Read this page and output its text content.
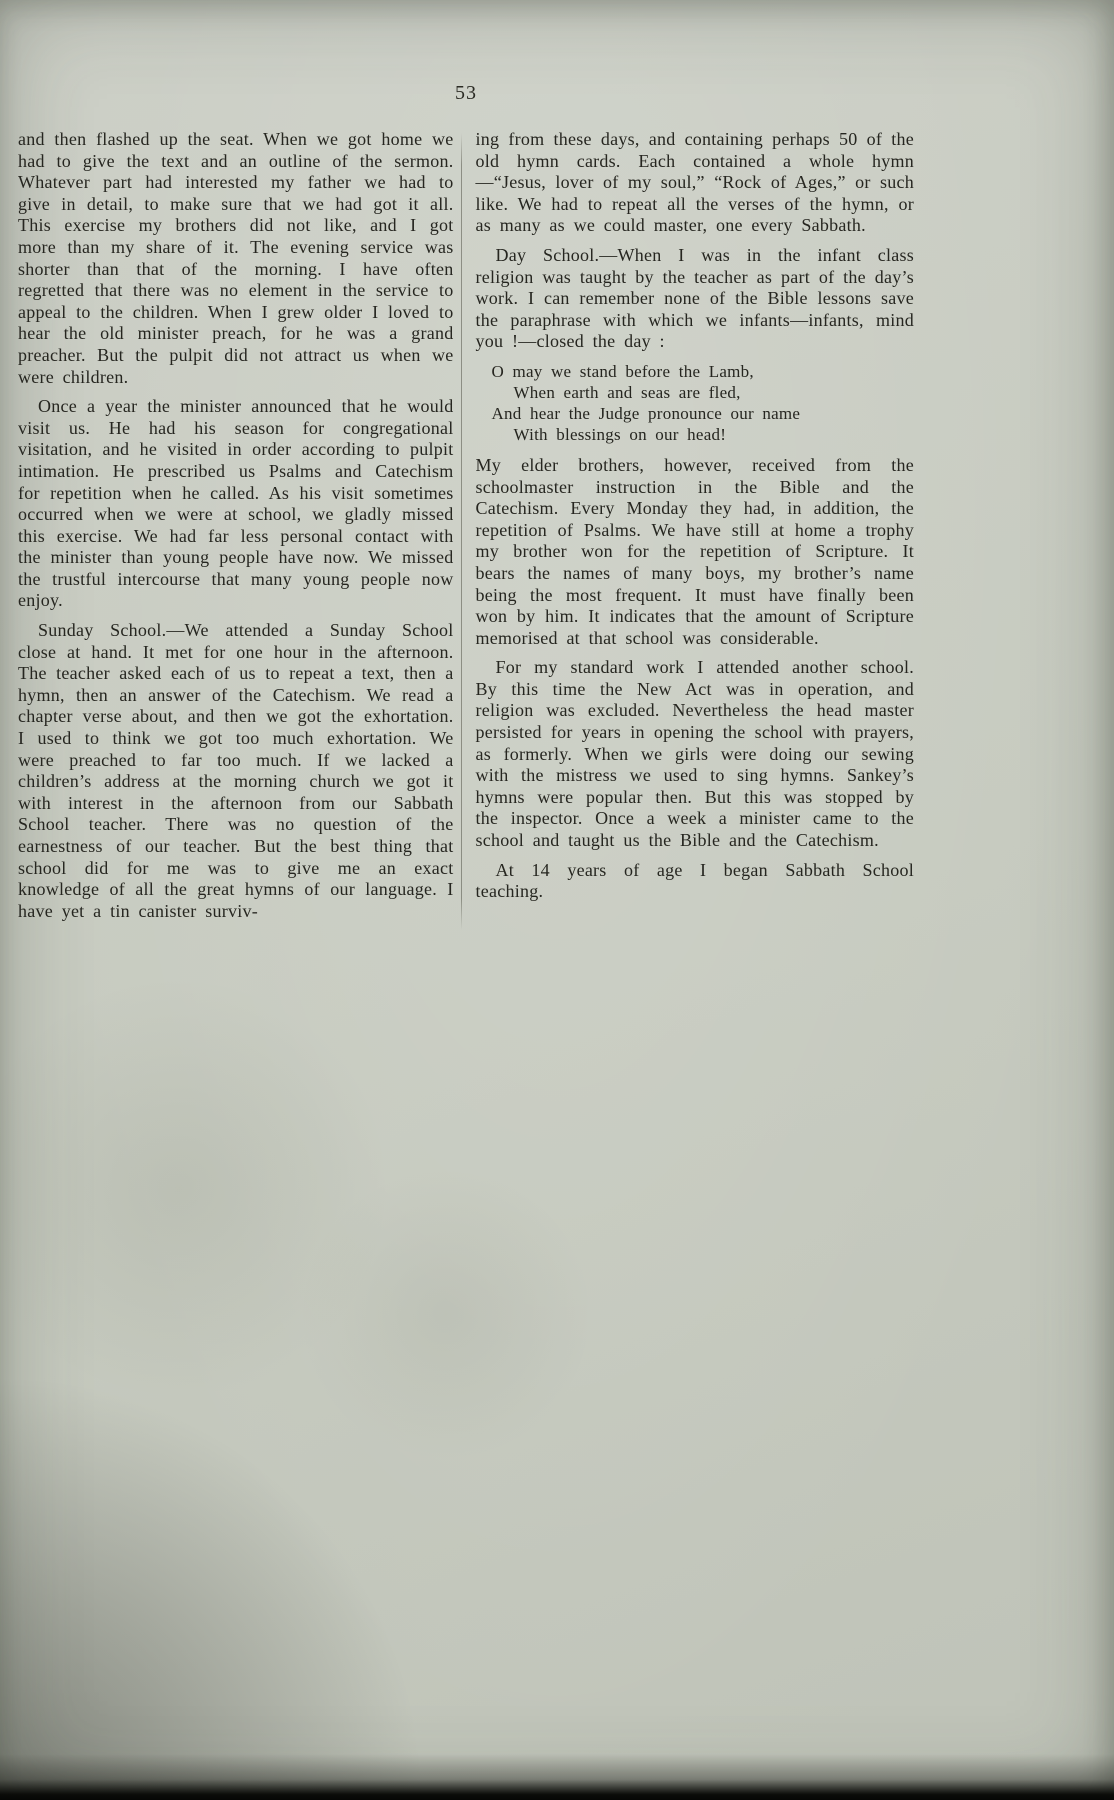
53

and then flashed up the seat. When we got home we had to give the text and an outline of the sermon. Whatever part had interested my father we had to give in detail, to make sure that we had got it all. This exercise my brothers did not like, and I got more than my share of it. The evening service was shorter than that of the morning. I have often regretted that there was no element in the service to appeal to the children. When I grew older I loved to hear the old minister preach, for he was a grand preacher. But the pulpit did not attract us when we were children.

Once a year the minister announced that he would visit us. He had his season for congregational visitation, and he visited in order according to pulpit intimation. He prescribed us Psalms and Catechism for repetition when he called. As his visit sometimes occurred when we were at school, we gladly missed this exercise. We had far less personal contact with the minister than young people have now. We missed the trustful intercourse that many young people now enjoy.

Sunday School.—We attended a Sunday School close at hand. It met for one hour in the afternoon. The teacher asked each of us to repeat a text, then a hymn, then an answer of the Catechism. We read a chapter verse about, and then we got the exhortation. I used to think we got too much exhortation. We were preached to far too much. If we lacked a children’s address at the morning church we got it with interest in the afternoon from our Sabbath School teacher. There was no question of the earnestness of our teacher. But the best thing that school did for me was to give me an exact knowledge of all the great hymns of our language. I have yet a tin canister surviv-

ing from these days, and containing perhaps 50 of the old hymn cards. Each contained a whole hymn—“Jesus, lover of my soul,” “Rock of Ages,” or such like. We had to repeat all the verses of the hymn, or as many as we could master, one every Sabbath.

Day School.—When I was in the infant class religion was taught by the teacher as part of the day’s work. I can remember none of the Bible lessons save the paraphrase with which we infants—infants, mind you !—closed the day :

O may we stand before the Lamb,
When earth and seas are fled,
And hear the Judge pronounce our name
With blessings on our head!

My elder brothers, however, received from the schoolmaster instruction in the Bible and the Catechism. Every Monday they had, in addition, the repetition of Psalms. We have still at home a trophy my brother won for the repetition of Scripture. It bears the names of many boys, my brother’s name being the most frequent. It must have finally been won by him. It indicates that the amount of Scripture memorised at that school was considerable.

For my standard work I attended another school. By this time the New Act was in operation, and religion was excluded. Nevertheless the head master persisted for years in opening the school with prayers, as formerly. When we girls were doing our sewing with the mistress we used to sing hymns. Sankey’s hymns were popular then. But this was stopped by the inspector. Once a week a minister came to the school and taught us the Bible and the Catechism.

At 14 years of age I began Sabbath School teaching.
